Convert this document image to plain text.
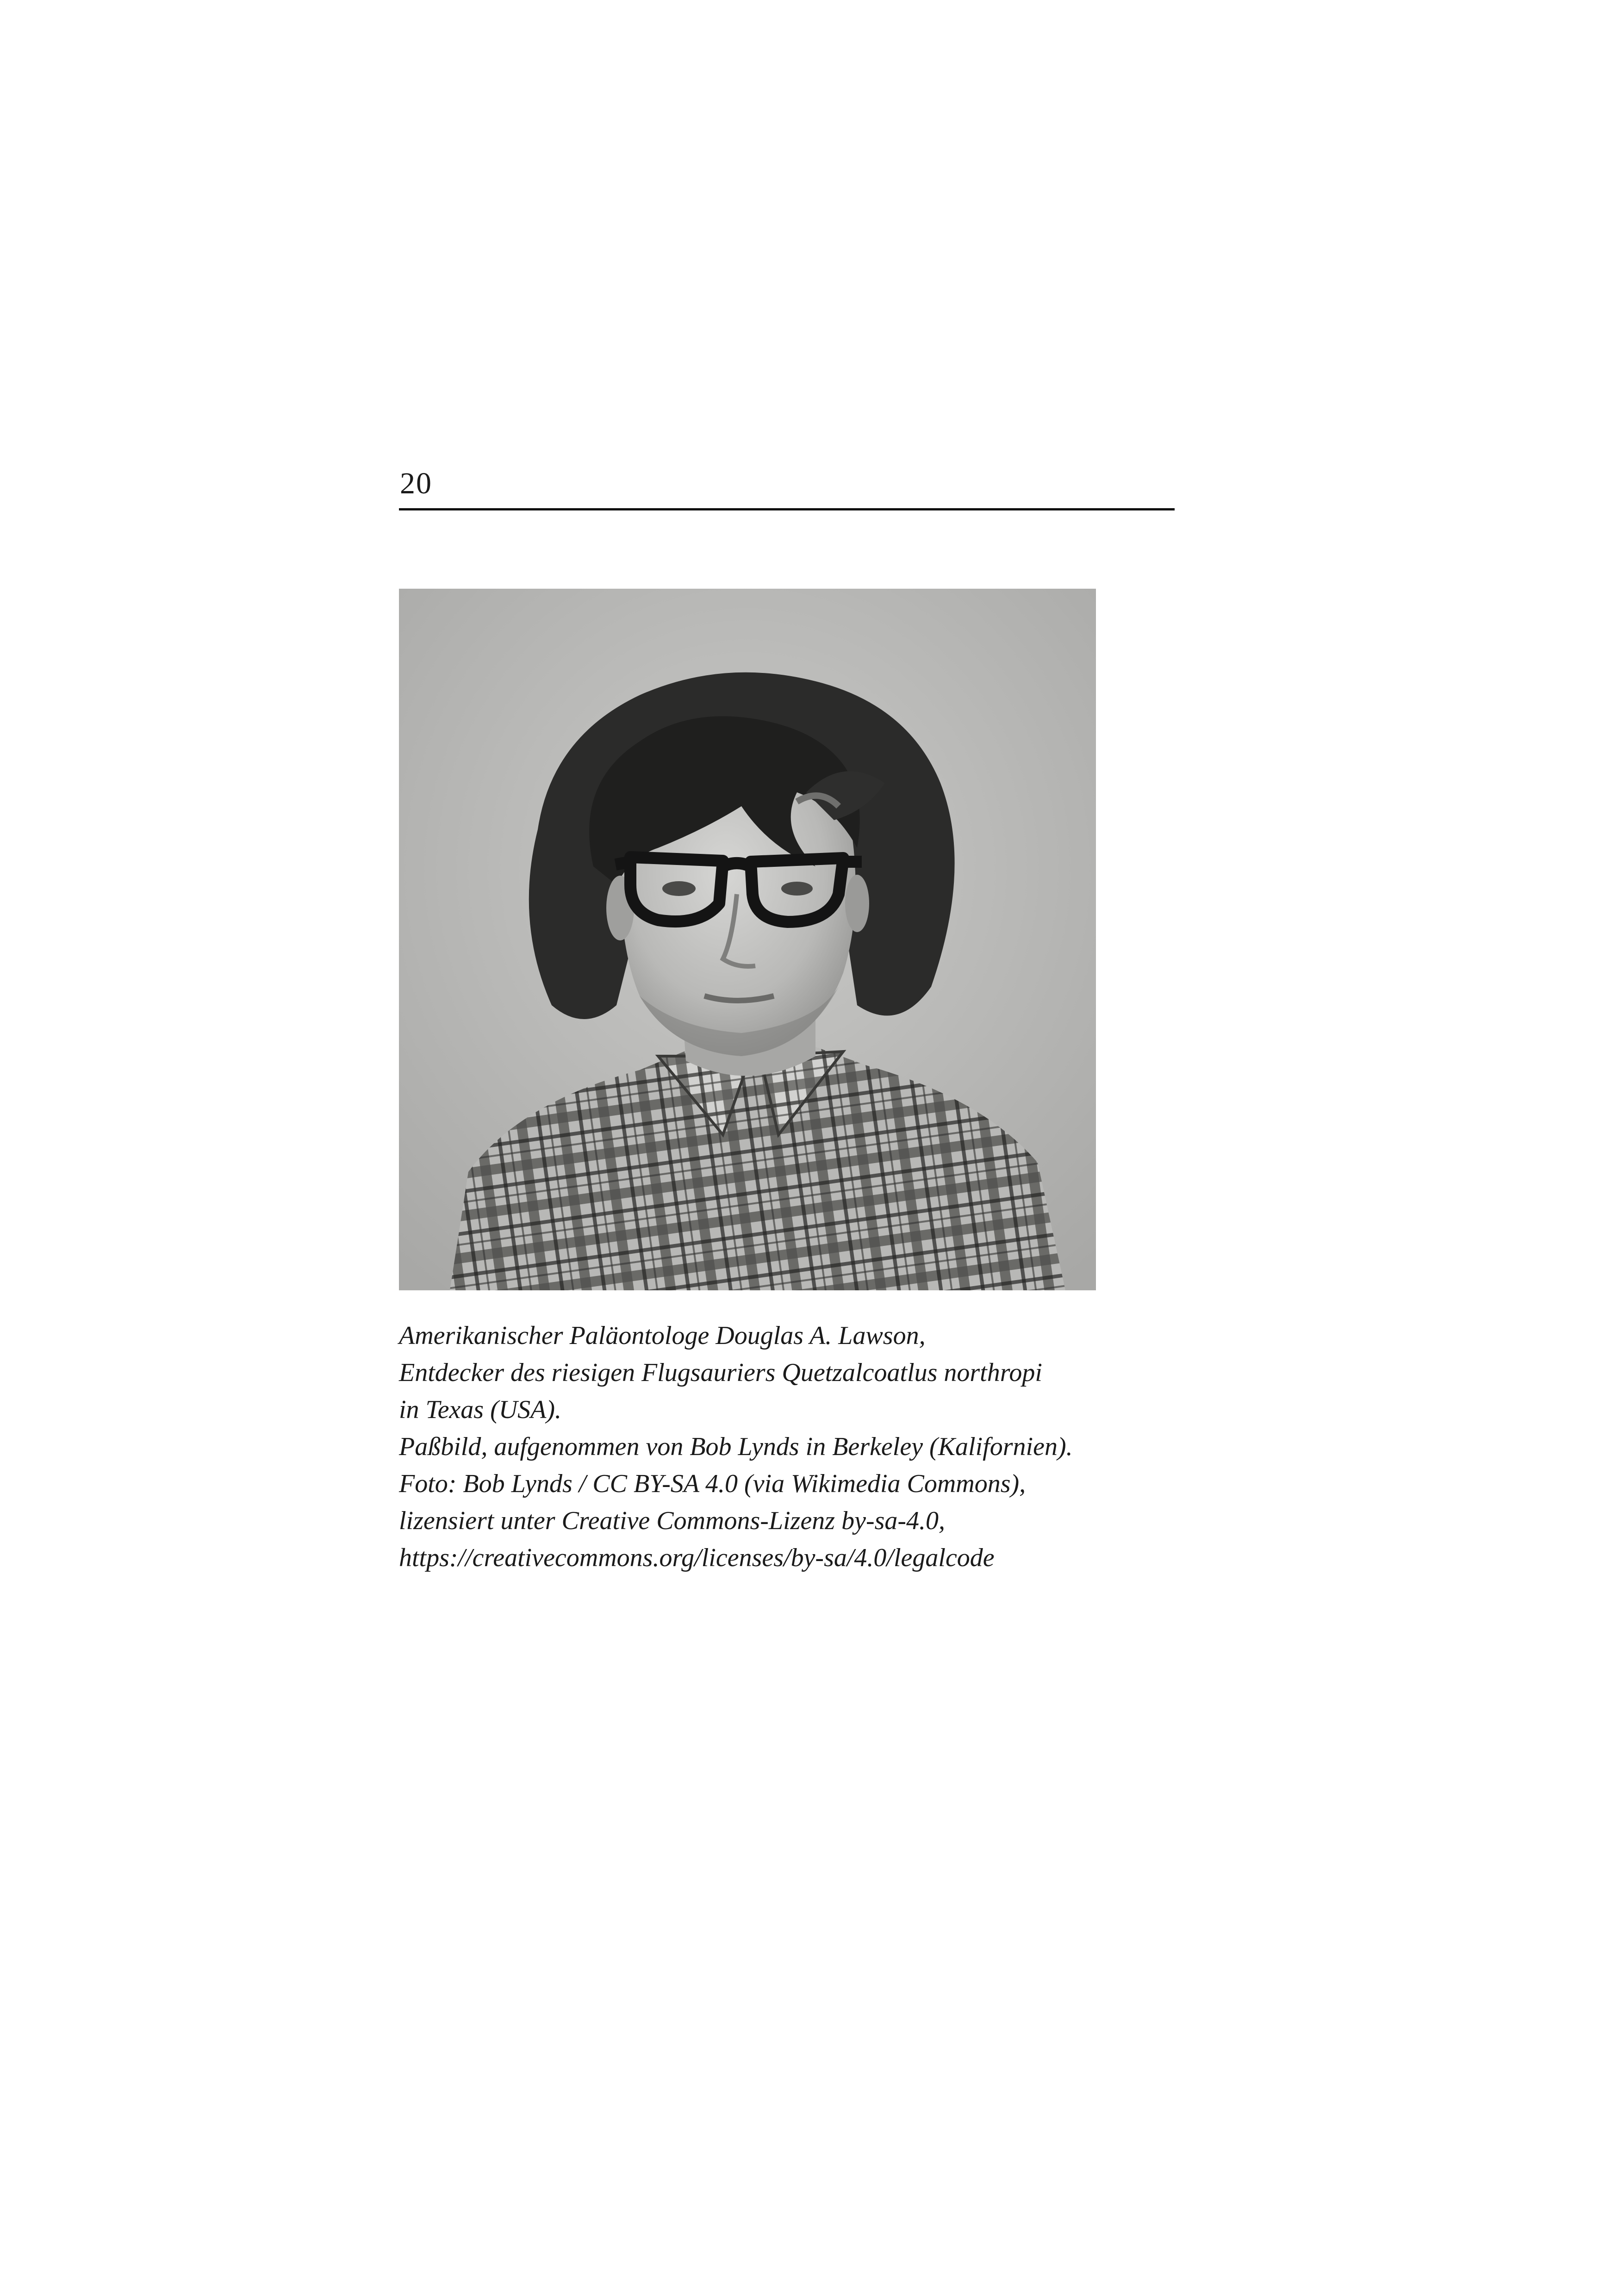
20
Amerikanischer Paläontologe Douglas A. Lawson,
Entdecker des riesigen Flugsauriers Quetzalcoatlus northropi
in Texas (USA).
Paßbild, aufgenommen von Bob Lynds in Berkeley (Kalifornien).
Foto: Bob Lynds / CC BY-SA 4.0 (via Wikimedia Commons),
lizensiert unter Creative Commons-Lizenz by-sa-4.0,
https://creativecommons.org/licenses/by-sa/4.0/legalcode
